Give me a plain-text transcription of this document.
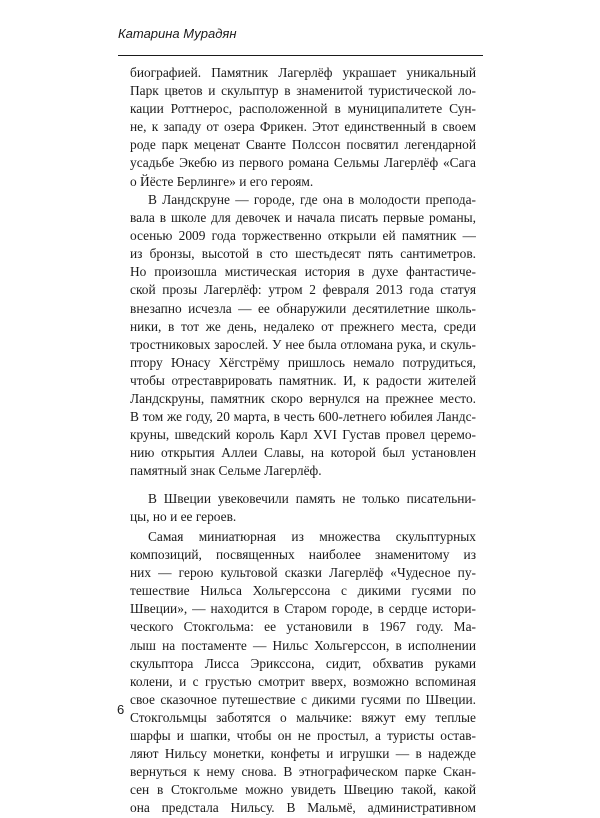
Катарина Мурадян
биографией. Памятник Лагерлёф украшает уникальный
Парк цветов и скульптур в знаменитой туристической ло-
кации Роттнерос, расположенной в муниципалитете Сун-
не, к западу от озера Фрикен. Этот единственный в своем
роде парк меценат Сванте Полссон посвятил легендарной
усадьбе Экебю из первого романа Сельмы Лагерлёф «Сага
о Йёсте Берлинге» и его героям.
В Ландскруне — городе, где она в молодости препода-
вала в школе для девочек и начала писать первые романы,
осенью 2009 года торжественно открыли ей памятник —
из бронзы, высотой в сто шестьдесят пять сантиметров.
Но произошла мистическая история в духе фантастиче-
ской прозы Лагерлёф: утром 2 февраля 2013 года статуя
внезапно исчезла — ее обнаружили десятилетние школь-
ники, в тот же день, недалеко от прежнего места, среди
тростниковых зарослей. У нее была отломана рука, и скуль-
птору Юнасу Хёгстрёму пришлось немало потрудиться,
чтобы отреставрировать памятник. И, к радости жителей
Ландскруны, памятник скоро вернулся на прежнее место.
В том же году, 20 марта, в честь 600-летнего юбилея Ландс-
круны, шведский король Карл XVI Густав провел церемо-
нию открытия Аллеи Славы, на которой был установлен
памятный знак Сельме Лагерлёф.
В Швеции увековечили память не только писательни-
цы, но и ее героев.
Самая миниатюрная из множества скульптурных
композиций, посвященных наиболее знаменитому из
них — герою культовой сказки Лагерлёф «Чудесное пу-
тешествие Нильса Хольгерссона с дикими гусями по
Швеции», — находится в Старом городе, в сердце истори-
ческого Стокгольма: ее установили в 1967 году. Ма-
лыш на постаменте — Нильс Хольгерссон, в исполнении
скульптора Лисса Эрикссона, сидит, обхватив руками
колени, и с грустью смотрит вверх, возможно вспоминая
свое сказочное путешествие с дикими гусями по Швеции.
Стокгольмцы заботятся о мальчике: вяжут ему теплые
шарфы и шапки, чтобы он не простыл, а туристы остав-
ляют Нильсу монетки, конфеты и игрушки — в надежде
вернуться к нему снова. В этнографическом парке Скан-
сен в Стокгольме можно увидеть Швецию такой, какой
она предстала Нильсу. В Мальмё, административном
6
